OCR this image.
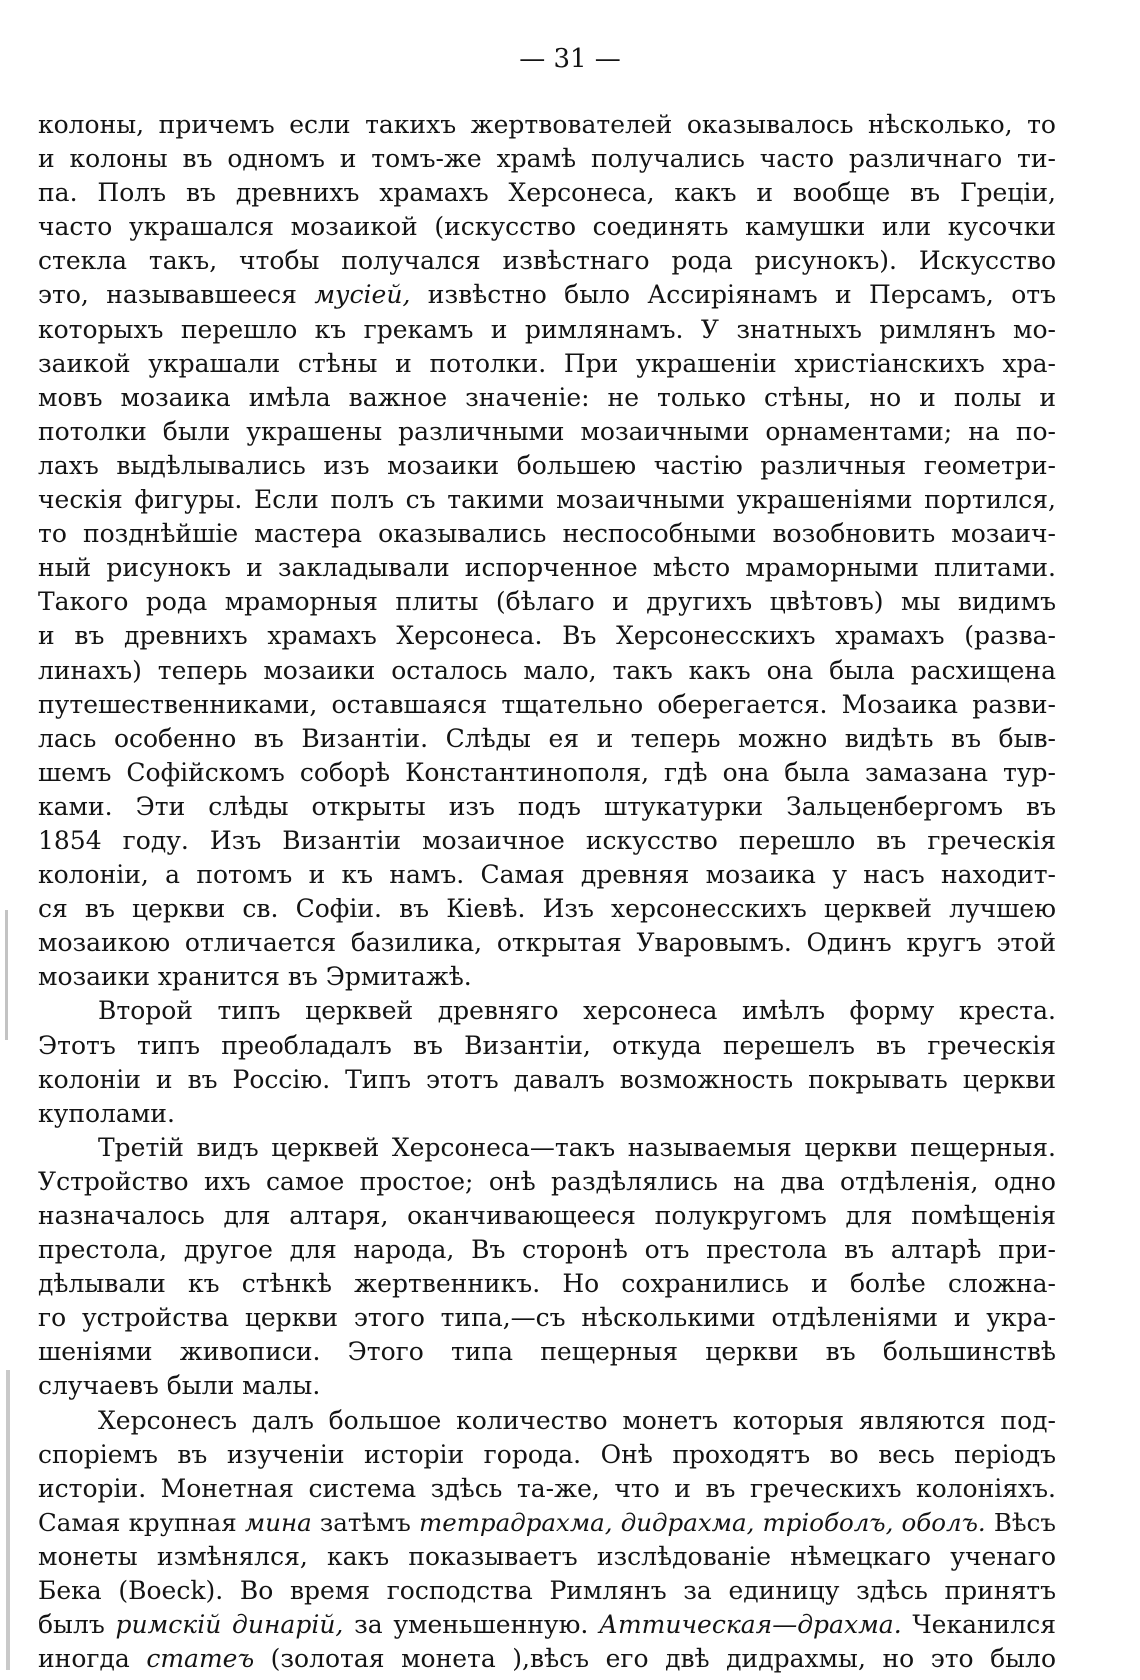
— 31 —
колоны, причемъ если такихъ жертвователей оказывалось нѣсколько, то
и колоны въ одномъ и томъ-же храмѣ получались часто различнаго ти-
па. Полъ въ древнихъ храмахъ Херсонеса, какъ и вообще въ Греціи,
часто украшался мозаикой (искусство соединять камушки или кусочки
стекла такъ, чтобы получался извѣстнаго рода рисунокъ). Искусство
это, называвшееся мусіей, извѣстно было Ассиріянамъ и Персамъ, отъ
которыхъ перешло къ грекамъ и римлянамъ. У знатныхъ римлянъ мо-
заикой украшали стѣны и потолки. При украшеніи христіанскихъ хра-
мовъ мозаика имѣла важное значеніе: не только стѣны, но и полы и
потолки были украшены различными мозаичными орнаментами; на по-
лахъ выдѣлывались изъ мозаики большею частію различныя геометри-
ческія фигуры. Если полъ съ такими мозаичными украшеніями портился,
то позднѣйшіе мастера оказывались неспособными возобновить мозаич-
ный рисунокъ и закладывали испорченное мѣсто мраморными плитами.
Такого рода мраморныя плиты (бѣлаго и другихъ цвѣтовъ) мы видимъ
и въ древнихъ храмахъ Херсонеса. Въ Херсонесскихъ храмахъ (разва-
линахъ) теперь мозаики осталось мало, такъ какъ она была расхищена
путешественниками, оставшаяся тщательно оберегается. Мозаика разви-
лась особенно въ Византіи. Слѣды ея и теперь можно видѣть въ быв-
шемъ Софійскомъ соборѣ Константинополя, гдѣ она была замазана тур-
ками. Эти слѣды открыты изъ подъ штукатурки Зальценбергомъ въ
1854 году. Изъ Византіи мозаичное искусство перешло въ греческія
колоніи, а потомъ и къ намъ. Самая древняя мозаика у насъ находит-
ся въ церкви св. Софіи. въ Кіевѣ. Изъ херсонесскихъ церквей лучшею
мозаикою отличается базилика, открытая Уваровымъ. Одинъ кругъ этой
мозаики хранится въ Эрмитажѣ.
Второй типъ церквей древняго херсонеса имѣлъ форму креста.
Этотъ типъ преобладалъ въ Византіи, откуда перешелъ въ греческія
колоніи и въ Россію. Типъ этотъ давалъ возможность покрывать церкви
куполами.
Третій видъ церквей Херсонеса—такъ называемыя церкви пещерныя.
Устройство ихъ самое простое; онѣ раздѣлялись на два отдѣленія, одно
назначалось для алтаря, оканчивающееся полукругомъ для помѣщенія
престола, другое для народа, Въ сторонѣ отъ престола въ алтарѣ при-
дѣлывали къ стѣнкѣ жертвенникъ. Но сохранились и болѣе сложна-
го устройства церкви этого типа,—съ нѣсколькими отдѣленіями и укра-
шеніями живописи. Этого типа пещерныя церкви въ большинствѣ
случаевъ были малы.
Херсонесъ далъ большое количество монетъ которыя являются под-
спорiемъ въ изученіи исторіи города. Онѣ проходятъ во весь періодъ
исторіи. Монетная система здѣсь та-же, что и въ греческихъ колоніяхъ.
Самая крупная мина затѣмъ тетрадрахма, дидрахма, тріоболъ, оболъ. Вѣсъ
монеты измѣнялся, какъ показываетъ изслѣдованіе нѣмецкаго ученаго
Бека (Boeck). Во время господства Римлянъ за единицу здѣсь принятъ
былъ римскій динарій, за уменьшенную. Аттическая—драхма. Чеканился
иногда статеъ (золотая монета ),вѣсъ его двѣ дидрахмы, но это было
